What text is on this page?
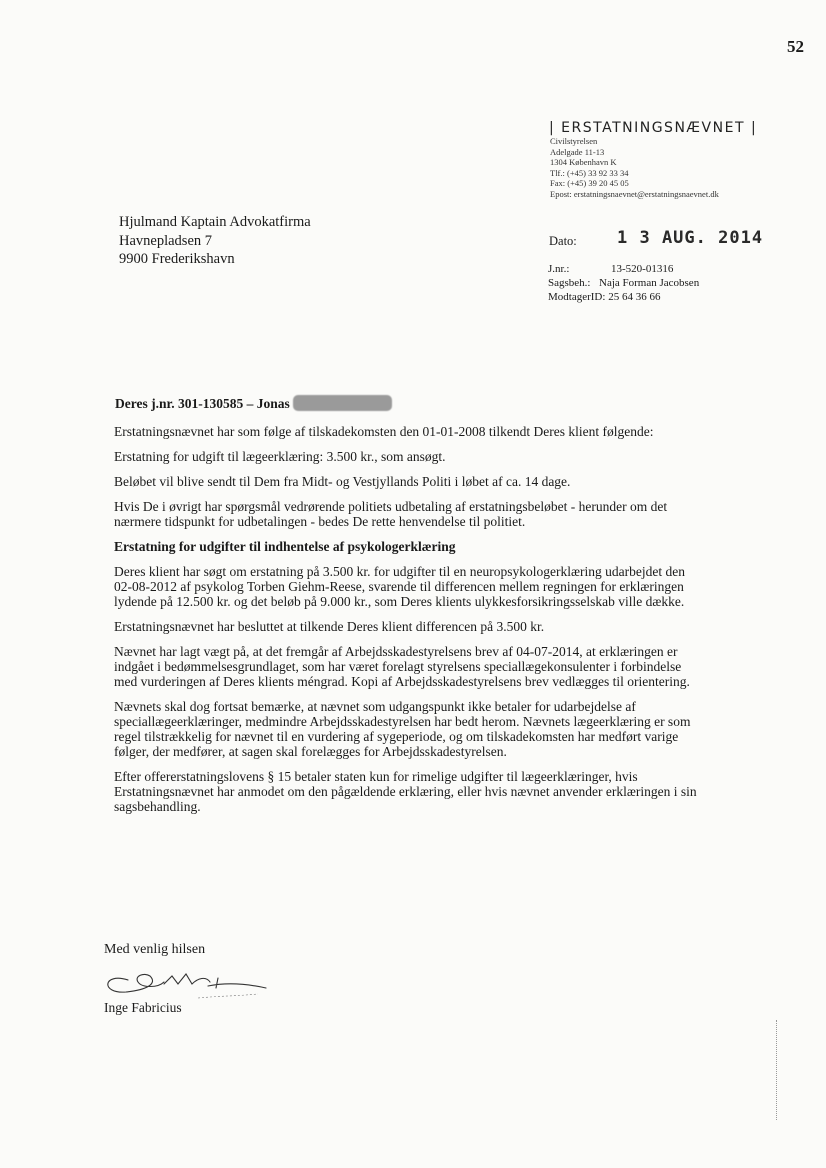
52
| ERSTATNINGSNÆVNET |
Civilstyrelsen
Adelgade 11-13
1304 København K
Tlf.: (+45) 33 92 33 34
Fax: (+45) 39 20 45 05
Epost: erstatningsnaevnet@erstatningsnaevnet.dk
Hjulmand Kaptain Advokatfirma
Havnepladsen 7
9900 Frederikshavn
Dato: 1 3 AUG. 2014
J.nr.:	13-520-01316
Sagsbeh.: Naja Forman Jacobsen
ModtagerID: 25 64 36 66
Deres j.nr. 301-130585 – Jonas

Erstatningsnævnet har som følge af tilskadekomsten den 01-01-2008 tilkendt Deres klient følgende:

Erstatning for udgift til lægeerklæring: 3.500 kr., som ansøgt.

Beløbet vil blive sendt til Dem fra Midt- og Vestjyllands Politi i løbet af ca. 14 dage.

Hvis De i øvrigt har spørgsmål vedrørende politiets udbetaling af erstatningsbeløbet - herunder om det nærmere tidspunkt for udbetalingen - bedes De rette henvendelse til politiet.

Erstatning for udgifter til indhentelse af psykologerklæring

Deres klient har søgt om erstatning på 3.500 kr. for udgifter til en neuropsykologerklæring udarbejdet den 02-08-2012 af psykolog Torben Giehm-Reese, svarende til differencen mellem regningen for erklæringen lydende på 12.500 kr. og det beløb på 9.000 kr., som Deres klients ulykkesforsikringsselskab ville dække.

Erstatningsnævnet har besluttet at tilkende Deres klient differencen på 3.500 kr.

Nævnet har lagt vægt på, at det fremgår af Arbejdsskadestyrelsens brev af 04-07-2014, at erklæringen er indgået i bedømmelsesgrundlaget, som har været forelagt styrelsens speciallægekonsulenter i forbindelse med vurderingen af Deres klients méngrad. Kopi af Arbejdsskadestyrelsens brev vedlægges til orientering.

Nævnets skal dog fortsat bemærke, at nævnet som udgangspunkt ikke betaler for udarbejdelse af speciallægeerklæringer, medmindre Arbejdsskadestyrelsen har bedt herom. Nævnets lægeerklæring er som regel tilstrækkelig for nævnet til en vurdering af sygeperiode, og om tilskadekomsten har medført varige følger, der medfører, at sagen skal forelægges for Arbejdsskadestyrelsen.

Efter offererstatningslovens § 15 betaler staten kun for rimelige udgifter til lægeerklæringer, hvis Erstatningsnævnet har anmodet om den pågældende erklæring, eller hvis nævnet anvender erklæringen i sin sagsbehandling.

Med venlig hilsen
Inge Fabricius
